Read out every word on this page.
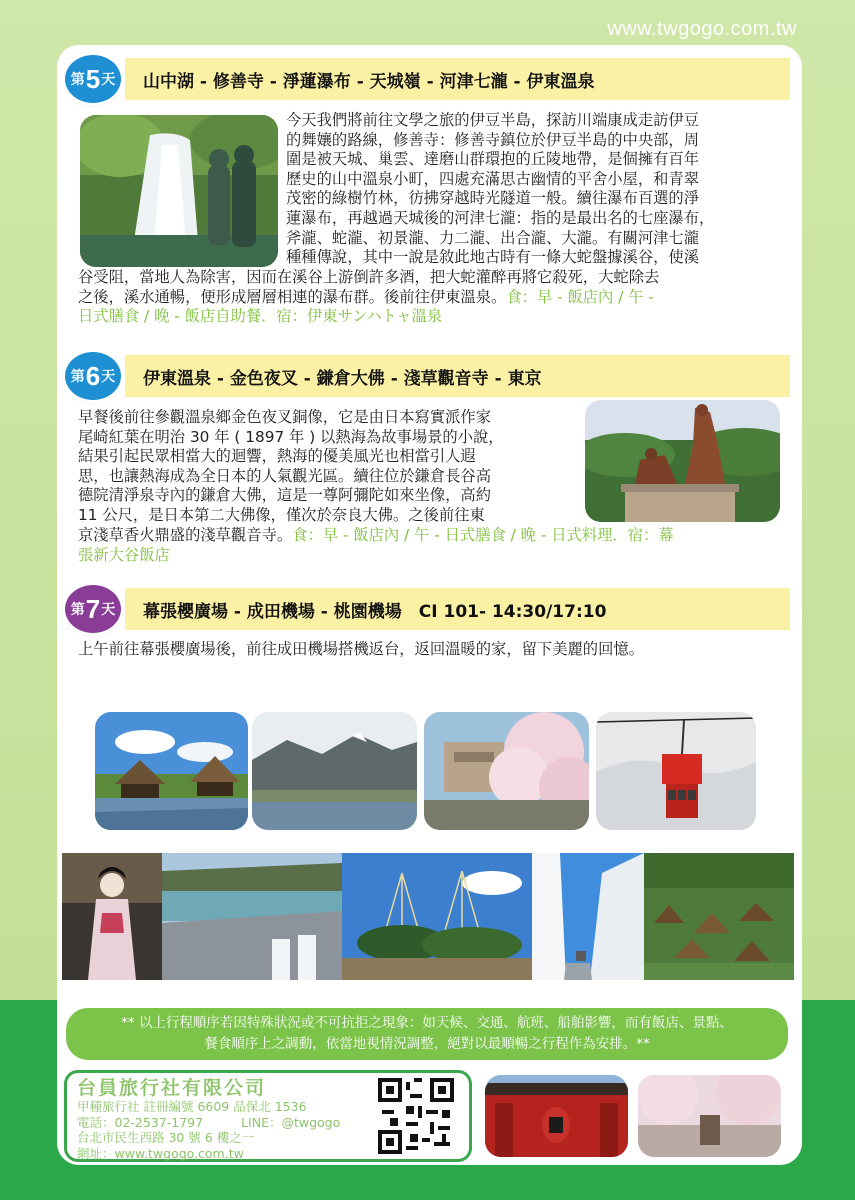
www.twgogo.com.tw
第 5 天	山中湖 - 修善寺 - 淨蓮瀑布 - 天城嶺 - 河津七瀧 - 伊東溫泉
今天我們將前往文學之旅的伊豆半島，探訪川端康成走訪伊豆
的舞孃的路線，修善寺：修善寺鎮位於伊豆半島的中央部，周
圍是被天城、巢雲、達磨山群環抱的丘陵地帶，是個擁有百年
歷史的山中溫泉小町，四處充滿思古幽情的平舍小屋，和青翠
茂密的綠樹竹林，彷拂穿越時光隧道一般。續往瀑布百選的淨
蓮瀑布，再越過天城後的河津七瀧：指的是最出名的七座瀑布，
斧瀧、蛇瀧、初景瀧、力二瀧、出合瀧、大瀧。有關河津七瀧
種種傳說，其中一說是敘此地古時有一條大蛇盤據溪谷，使溪
谷受阻，當地人為除害，因而在溪谷上游倒許多酒，把大蛇灌醉再將它殺死，大蛇除去
之後，溪水通暢，便形成層層相連的瀑布群。後前往伊東溫泉。食：早 - 飯店內 / 午 -
日式膳食 / 晚 - 飯店自助餐．宿：伊東サンハトャ溫泉
第 6 天	伊東溫泉 - 金色夜叉 - 鎌倉大佛 - 淺草觀音寺 - 東京
早餐後前往參觀溫泉鄉金色夜叉銅像，它是由日本寫實派作家
尾崎紅葉在明治 30 年 ( 1897 年 ) 以熱海為故事場景的小說，
結果引起民眾相當大的迴響，熱海的優美風光也相當引人遐
思，也讓熱海成為全日本的人氣觀光區。續往位於鎌倉長谷高
德院清淨泉寺內的鎌倉大佛，這是一尊阿彌陀如來坐像，高約
11 公尺，是日本第二大佛像，僅次於奈良大佛。之後前往東
京淺草香火鼎盛的淺草觀音寺。食：早 - 飯店內 / 午 - 日式膳食 / 晚 - 日式料理．宿：幕
張新大谷飯店
第 7 天	幕張櫻廣場 - 成田機場 - 桃園機場　CI 101- 14:30/17:10
上午前往幕張櫻廣場後，前往成田機場搭機返台，返回溫暖的家，留下美麗的回憶。
** 以上行程順序若因特殊狀況或不可抗拒之現象：如天候、交通、航班、船舶影響，而有飯店、景點、
餐食順序上之調動，依當地視情況調整，絕對以最順暢之行程作為安排。**
台員旅行社有限公司
甲種旅行社 註冊編號 6609 品保北 1536
電話：02-2537-1797	LINE：@twgogo
台北市民生西路 30 號 6 樓之一
網址：www.twgogo.com.tw
